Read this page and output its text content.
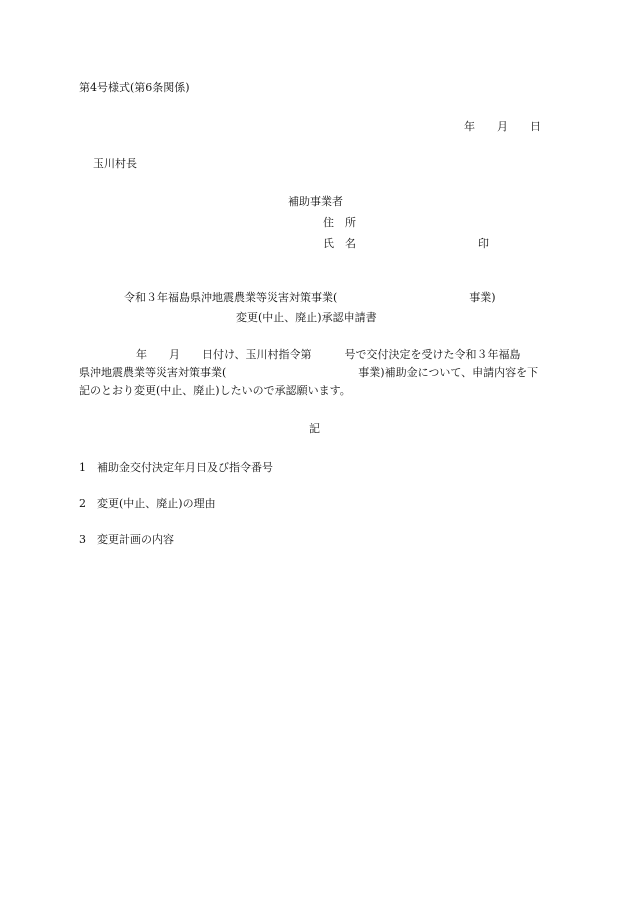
第4号様式(第6条関係)
年　　月　　日
玉川村長
補助事業者
住　所
氏　名	印
令和３年福島県沖地震農業等災害対策事業(　　　　　　　　　　　　事業)
変更(中止、廃止)承認申請書
年　　月　　日付け、玉川村指令第　　　号で交付決定を受けた令和３年福島
県沖地震農業等災害対策事業(　　　　　　　　　　　　事業)補助金について、申請内容を下
記のとおり変更(中止、廃止)したいので承認願います。
記
1　補助金交付決定年月日及び指令番号
2　変更(中止、廃止)の理由
3　変更計画の内容
